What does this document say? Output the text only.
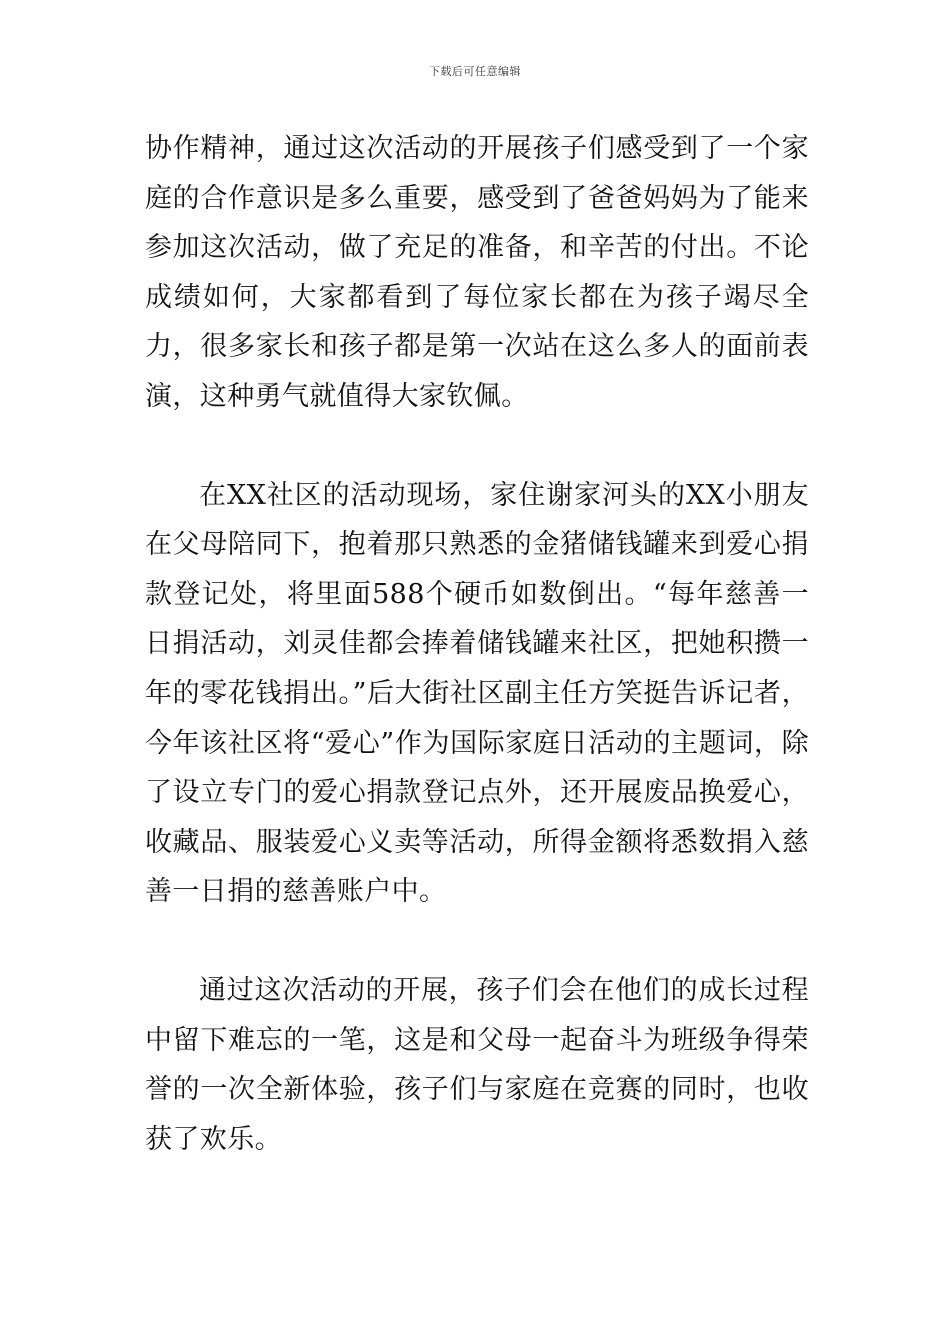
下载后可任意编辑

协作精神，通过这次活动的开展孩子们感受到了一个家庭的合作意识是多么重要，感受到了爸爸妈妈为了能来参加这次活动，做了充足的准备，和辛苦的付出。不论成绩如何，大家都看到了每位家长都在为孩子竭尽全力，很多家长和孩子都是第一次站在这么多人的面前表演，这种勇气就值得大家钦佩。

在XX社区的活动现场，家住谢家河头的XX小朋友在父母陪同下，抱着那只熟悉的金猪储钱罐来到爱心捐款登记处，将里面588个硬币如数倒出。“每年慈善一日捐活动，刘灵佳都会捧着储钱罐来社区，把她积攒一年的零花钱捐出。”后大街社区副主任方笑挺告诉记者，今年该社区将“爱心”作为国际家庭日活动的主题词，除了设立专门的爱心捐款登记点外，还开展废品换爱心，收藏品、服装爱心义卖等活动，所得金额将悉数捐入慈善一日捐的慈善账户中。

通过这次活动的开展，孩子们会在他们的成长过程中留下难忘的一笔，这是和父母一起奋斗为班级争得荣誉的一次全新体验，孩子们与家庭在竞赛的同时，也收获了欢乐。
